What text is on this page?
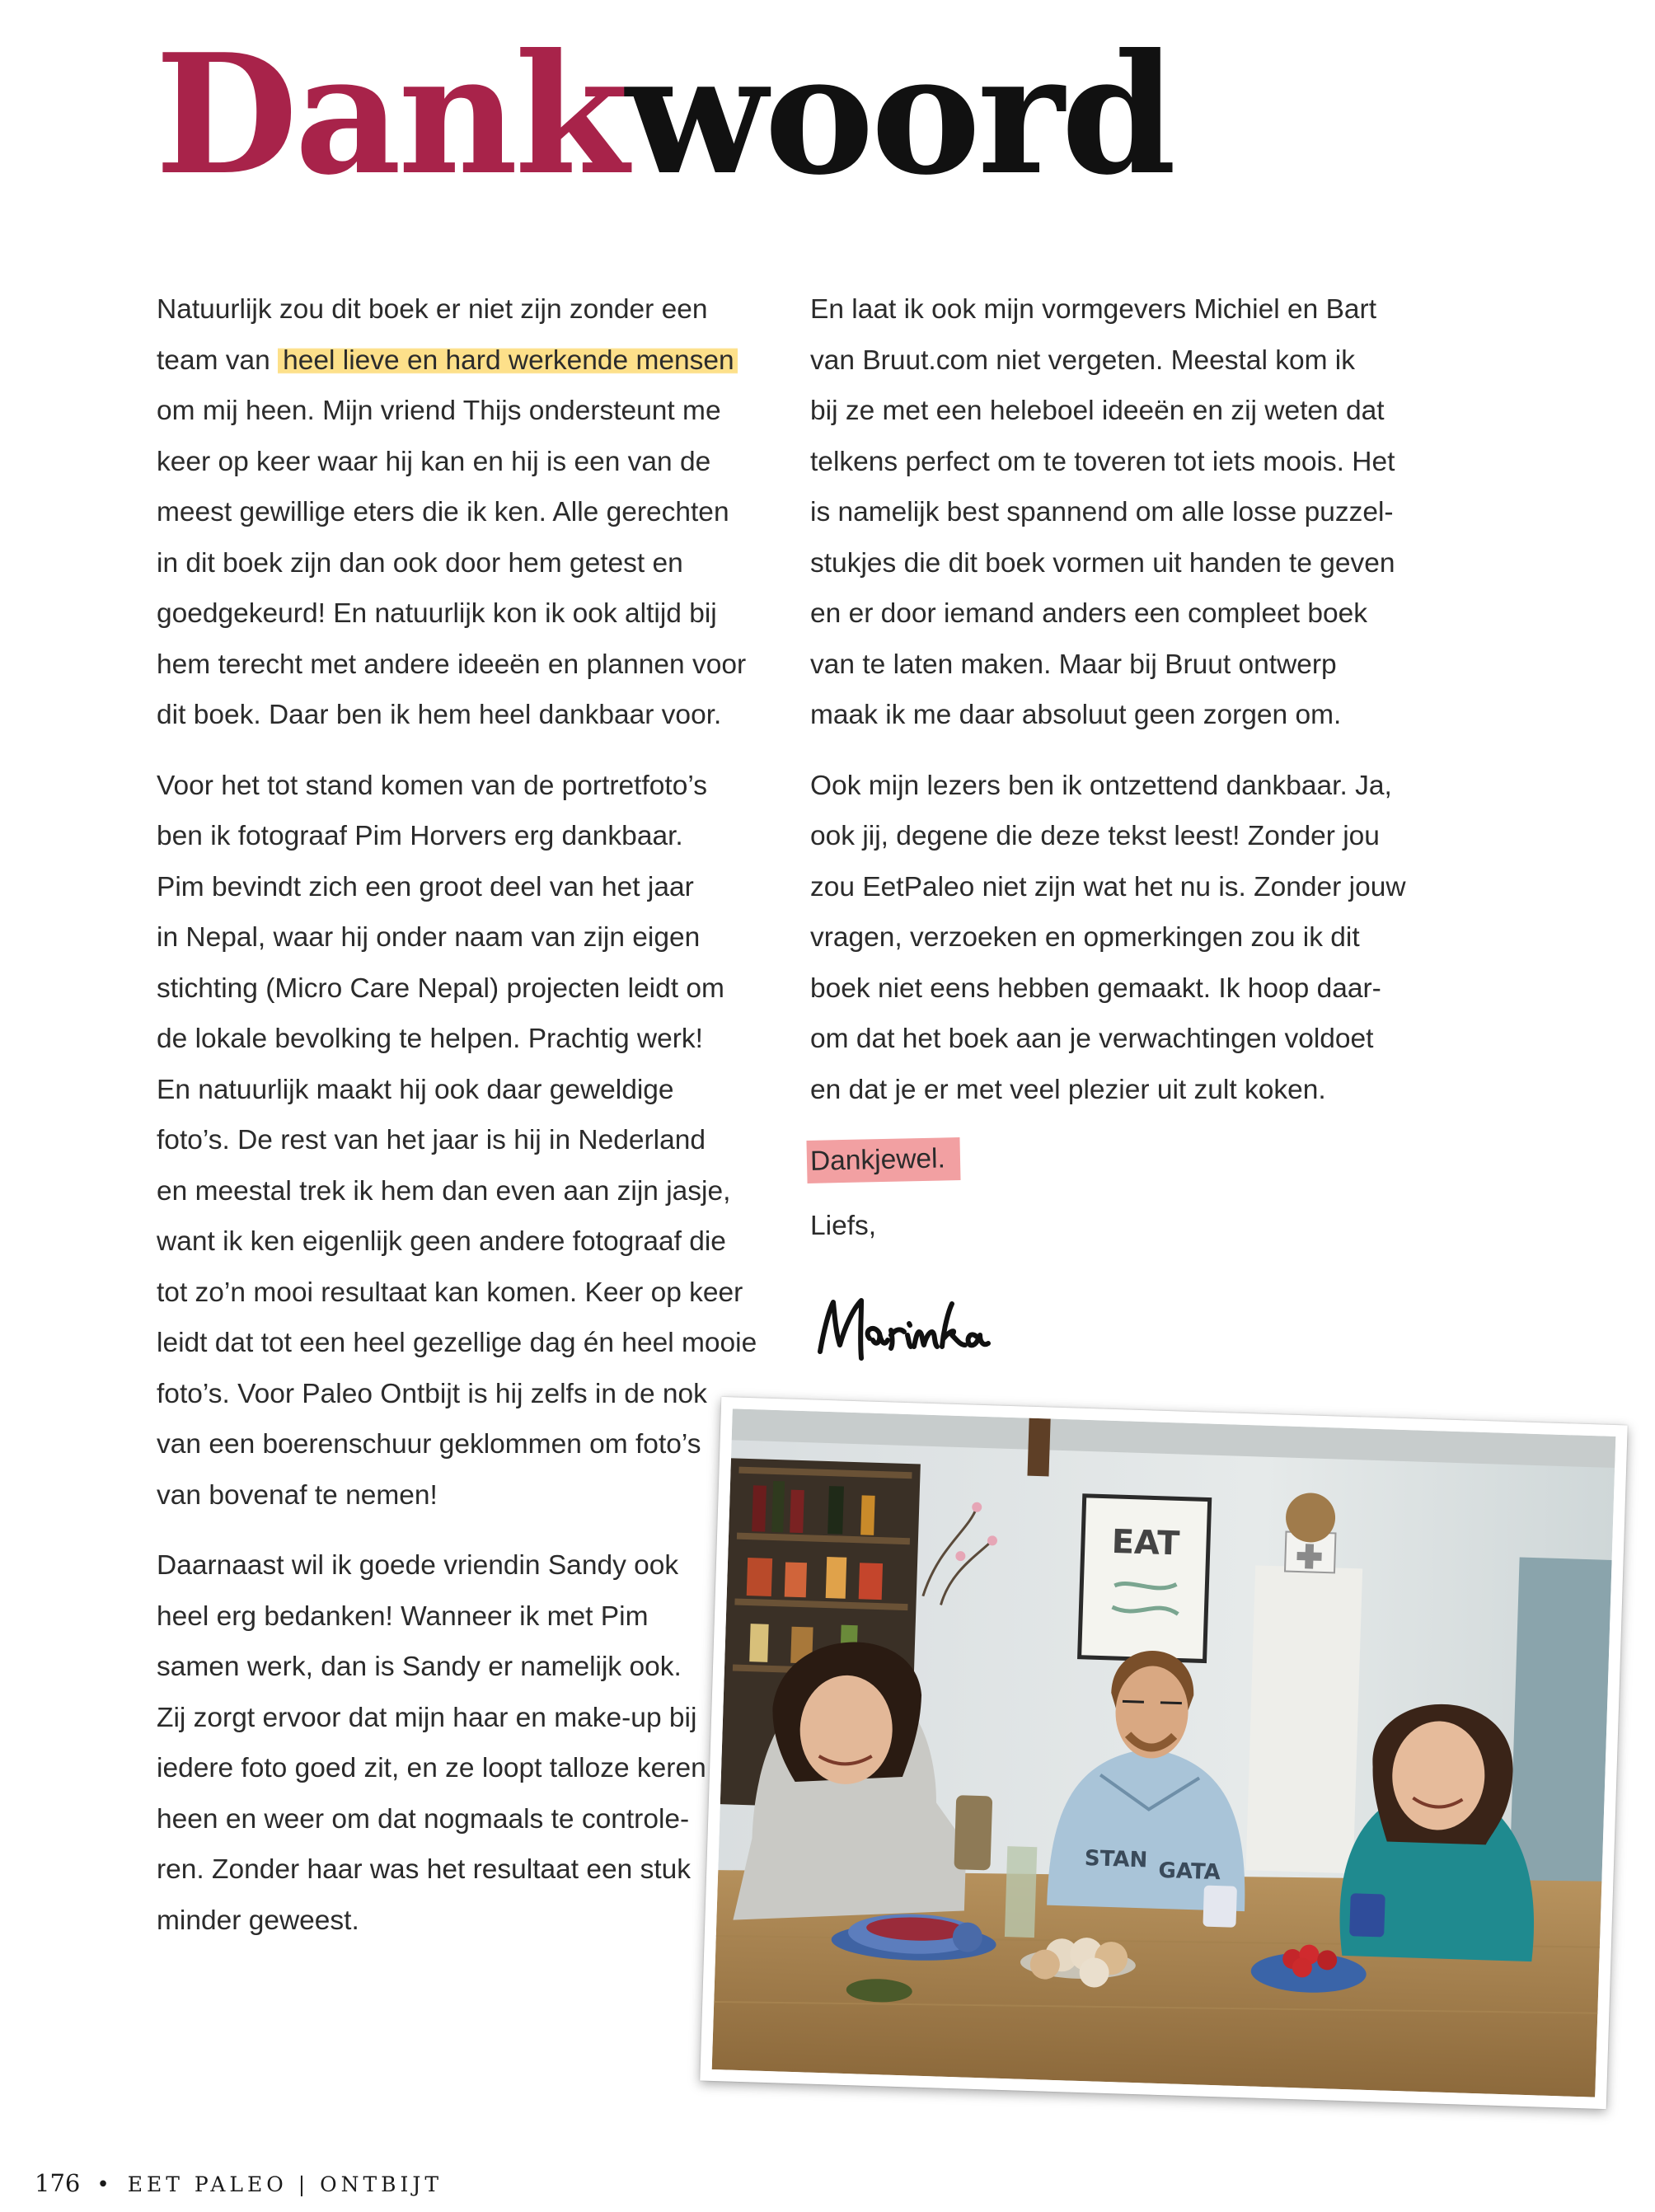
Dankwoord

Natuurlijk zou dit boek er niet zijn zonder een
team van heel lieve en hard werkende mensen
om mij heen. Mijn vriend Thijs ondersteunt me
keer op keer waar hij kan en hij is een van de
meest gewillige eters die ik ken. Alle gerechten
in dit boek zijn dan ook door hem getest en
goedgekeurd! En natuurlijk kon ik ook altijd bij
hem terecht met andere ideeën en plannen voor
dit boek. Daar ben ik hem heel dankbaar voor.

Voor het tot stand komen van de portretfoto’s
ben ik fotograaf Pim Horvers erg dankbaar.
Pim bevindt zich een groot deel van het jaar
in Nepal, waar hij onder naam van zijn eigen
stichting (Micro Care Nepal) projecten leidt om
de lokale bevolking te helpen. Prachtig werk!
En natuurlijk maakt hij ook daar geweldige
foto’s. De rest van het jaar is hij in Nederland
en meestal trek ik hem dan even aan zijn jasje,
want ik ken eigenlijk geen andere fotograaf die
tot zo’n mooi resultaat kan komen. Keer op keer
leidt dat tot een heel gezellige dag én heel mooie
foto’s. Voor Paleo Ontbijt is hij zelfs in de nok
van een boerenschuur geklommen om foto’s
van bovenaf te nemen!

Daarnaast wil ik goede vriendin Sandy ook
heel erg bedanken! Wanneer ik met Pim
samen werk, dan is Sandy er namelijk ook.
Zij zorgt ervoor dat mijn haar en make-up bij
iedere foto goed zit, en ze loopt talloze keren
heen en weer om dat nogmaals te controle-
ren. Zonder haar was het resultaat een stuk
minder geweest.

En laat ik ook mijn vormgevers Michiel en Bart
van Bruut.com niet vergeten. Meestal kom ik
bij ze met een heleboel ideeën en zij weten dat
telkens perfect om te toveren tot iets moois. Het
is namelijk best spannend om alle losse puzzel-
stukjes die dit boek vormen uit handen te geven
en er door iemand anders een compleet boek
van te laten maken. Maar bij Bruut ontwerp
maak ik me daar absoluut geen zorgen om.

Ook mijn lezers ben ik ontzettend dankbaar. Ja,
ook jij, degene die deze tekst leest! Zonder jou
zou EetPaleo niet zijn wat het nu is. Zonder jouw
vragen, verzoeken en opmerkingen zou ik dit
boek niet eens hebben gemaakt. Ik hoop daar-
om dat het boek aan je verwachtingen voldoet
en dat je er met veel plezier uit zult koken.

Dankjewel.

Liefs,

EAT
STAN GATA
176 • EET PALEO | ONTBIJT
